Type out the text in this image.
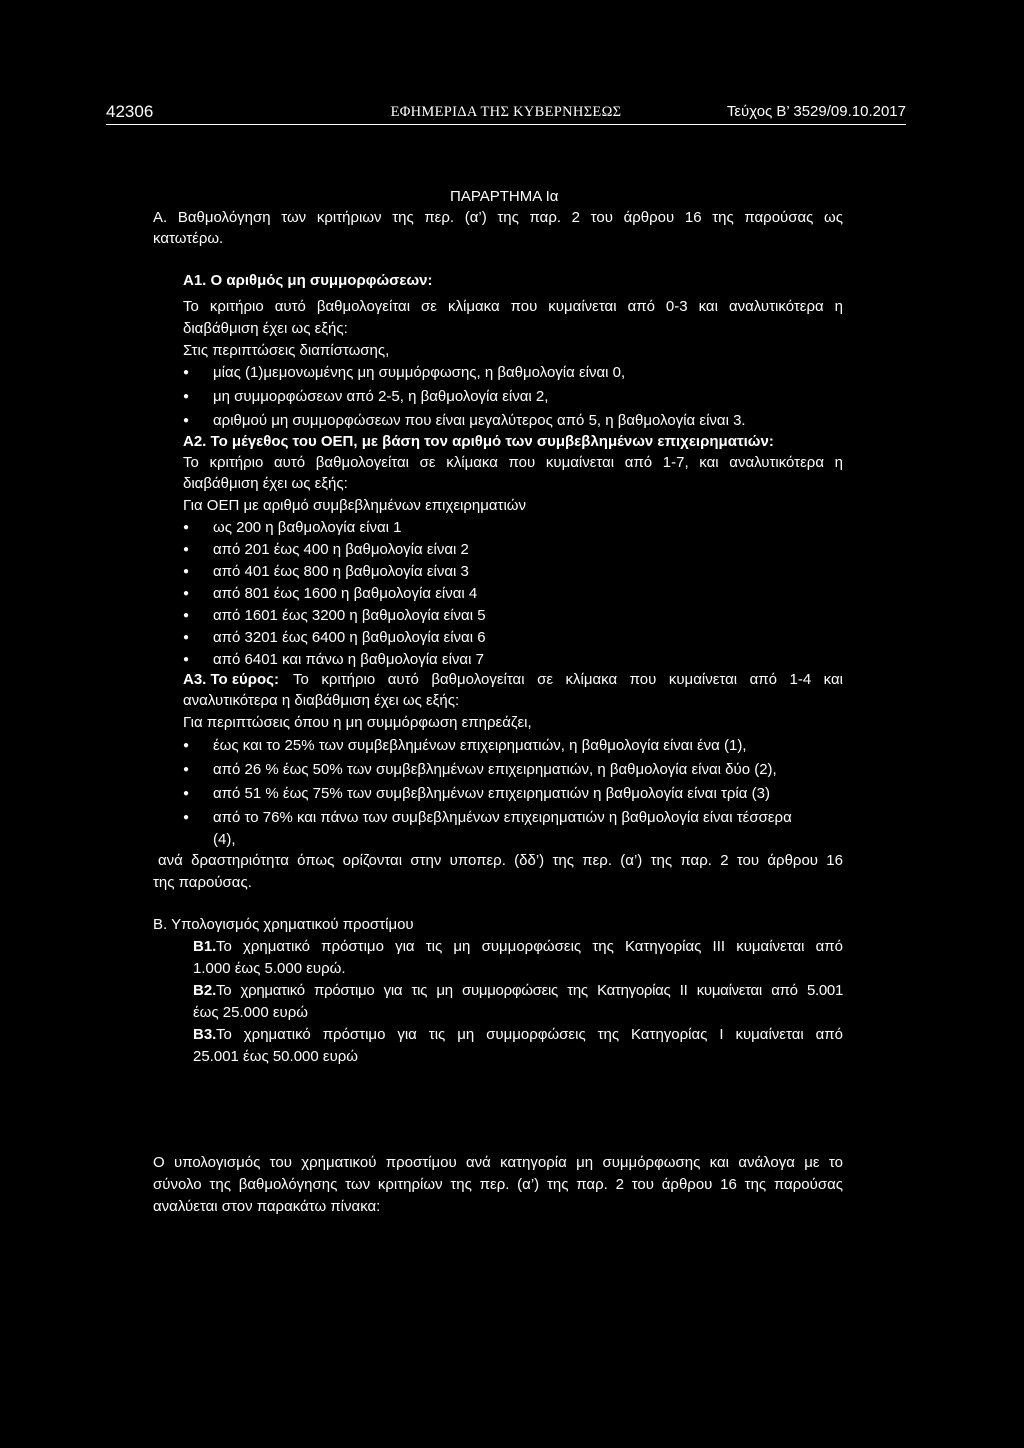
42306	ΕΦΗΜΕΡΙΔΑ ΤΗΣ ΚΥΒΕΡΝΗΣΕΩΣ	Τεύχος Β’ 3529/09.10.2017
ΠΑΡΑΡΤΗΜΑ Ια
Α. Βαθμολόγηση των κριτήριων της περ. (α’) της παρ. 2 του άρθρου 16 της παρούσας ως
κατωτέρω.
Α1. Ο αριθμός μη συμμορφώσεων:
Το κριτήριο αυτό βαθμολογείται σε κλίμακα που κυμαίνεται από 0-3 και αναλυτικότερα η
διαβάθμιση έχει ως εξής:
Στις περιπτώσεις διαπίστωσης,
● μίας (1)μεμονωμένης μη συμμόρφωσης, η βαθμολογία είναι 0,
● μη συμμορφώσεων από 2-5, η βαθμολογία είναι 2,
● αριθμού μη συμμορφώσεων που είναι μεγαλύτερος από 5, η βαθμολογία είναι 3.
Α2. Το μέγεθος του ΟΕΠ, με βάση τον αριθμό των συμβεβλημένων επιχειρηματιών:
Το κριτήριο αυτό βαθμολογείται σε κλίμακα που κυμαίνεται από 1-7, και αναλυτικότερα η
διαβάθμιση έχει ως εξής:
Για ΟΕΠ με αριθμό συμβεβλημένων επιχειρηματιών
● ως 200 η βαθμολογία είναι 1
● από 201 έως 400 η βαθμολογία είναι 2
● από 401 έως 800 η βαθμολογία είναι 3
● από 801 έως 1600 η βαθμολογία είναι 4
● από 1601 έως 3200 η βαθμολογία είναι 5
● από 3201 έως 6400 η βαθμολογία είναι 6
● από 6401 και πάνω η βαθμολογία είναι 7
Α3. Το εύρος: Το κριτήριο αυτό βαθμολογείται σε κλίμακα που κυμαίνεται από 1-4 και
αναλυτικότερα η διαβάθμιση έχει ως εξής:
Για περιπτώσεις όπου η μη συμμόρφωση επηρεάζει,
● έως και το 25% των συμβεβλημένων επιχειρηματιών, η βαθμολογία είναι ένα (1),
● από 26 % έως 50% των συμβεβλημένων επιχειρηματιών, η βαθμολογία είναι δύο (2),
● από 51 % έως 75% των συμβεβλημένων επιχειρηματιών η βαθμολογία είναι τρία (3)
● από το 76% και πάνω των συμβεβλημένων επιχειρηματιών η βαθμολογία είναι τέσσερα
(4),
ανά δραστηριότητα όπως ορίζονται στην υποπερ. (δδ’) της περ. (α’) της παρ. 2 του άρθρου 16
της παρούσας.
Β. Υπολογισμός χρηματικού προστίμου
Β1. Το χρηματικό πρόστιμο για τις μη συμμορφώσεις της Κατηγορίας ΙΙΙ κυμαίνεται από
1.000 έως 5.000 ευρώ.
Β2. Το χρηματικό πρόστιμο για τις μη συμμορφώσεις της Κατηγορίας ΙΙ κυμαίνεται από 5.001
έως 25.000 ευρώ
Β3. Το χρηματικό πρόστιμο για τις μη συμμορφώσεις της Κατηγορίας Ι κυμαίνεται από
25.001 έως 50.000 ευρώ
Ο υπολογισμός του χρηματικού προστίμου ανά κατηγορία μη συμμόρφωσης και ανάλογα με το
σύνολο της βαθμολόγησης των κριτηρίων της περ. (α’) της παρ. 2 του άρθρου 16 της παρούσας
αναλύεται στον παρακάτω πίνακα:
